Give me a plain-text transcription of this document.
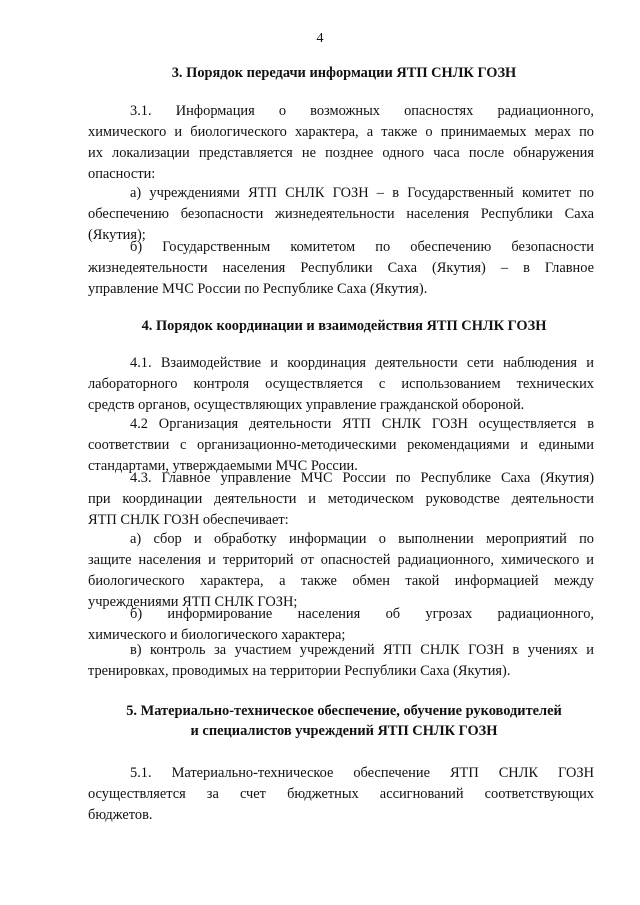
4
3. Порядок передачи информации ЯТП СНЛК ГОЗН
3.1. Информация о возможных опасностях радиационного,
химического и биологического характера, а также о принимаемых мерах по
их локализации представляется не позднее одного часа после обнаружения
опасности:
а) учреждениями ЯТП СНЛК ГОЗН – в Государственный комитет по
обеспечению безопасности жизнедеятельности населения Республики Саха
(Якутия);
б) Государственным комитетом по обеспечению безопасности
жизнедеятельности населения Республики Саха (Якутия) – в Главное
управление МЧС России по Республике Саха (Якутия).
4. Порядок координации и взаимодействия ЯТП СНЛК ГОЗН
4.1. Взаимодействие и координация деятельности сети наблюдения и
лабораторного контроля осуществляется с использованием технических
средств органов, осуществляющих управление гражданской обороной.
4.2 Организация деятельности ЯТП СНЛК ГОЗН осуществляется в
соответствии с организационно-методическими рекомендациями и едиными
стандартами, утверждаемыми МЧС России.
4.3. Главное управление МЧС России по Республике Саха (Якутия)
при координации деятельности и методическом руководстве деятельности
ЯТП СНЛК ГОЗН обеспечивает:
а) сбор и обработку информации о выполнении мероприятий по
защите населения и территорий от опасностей радиационного, химического и
биологического характера, а также обмен такой информацией между
учреждениями ЯТП СНЛК ГОЗН;
б) информирование населения об угрозах радиационного,
химического и биологического характера;
в) контроль за участием учреждений ЯТП СНЛК ГОЗН в учениях и
тренировках, проводимых на территории Республики Саха (Якутия).
5. Материально-техническое обеспечение, обучение руководителей
и специалистов учреждений ЯТП СНЛК ГОЗН
5.1. Материально-техническое обеспечение ЯТП СНЛК ГОЗН
осуществляется за счет бюджетных ассигнований соответствующих
бюджетов.
